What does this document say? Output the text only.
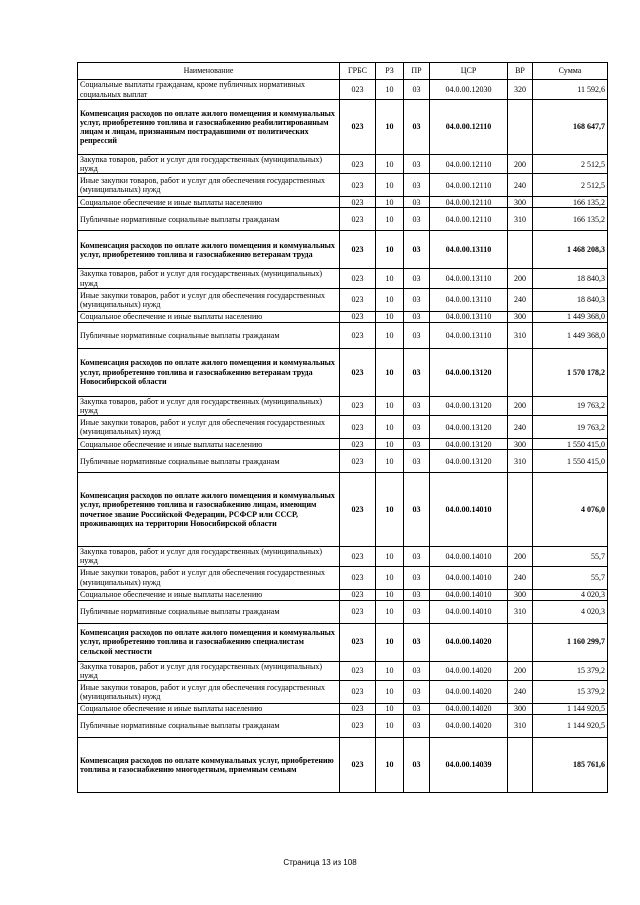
Наименование	ГРБС	РЗ	ПР	ЦСР	ВР	Сумма
Социальные выплаты гражданам, кроме публичных нормативных социальных выплат	023	10	03	04.0.00.12030	320	11 592,6
Компенсация расходов по оплате жилого помещения и коммунальных услуг, приобретению топлива и газоснабжению реабилитированным лицам и лицам, признанным пострадавшими от политических репрессий	023	10	03	04.0.00.12110		168 647,7
Закупка товаров, работ и услуг для государственных (муниципальных) нужд	023	10	03	04.0.00.12110	200	2 512,5
Иные закупки товаров, работ и услуг для обеспечения государственных (муниципальных) нужд	023	10	03	04.0.00.12110	240	2 512,5
Социальное обеспечение и иные выплаты населению	023	10	03	04.0.00.12110	300	166 135,2
Публичные нормативные социальные выплаты гражданам	023	10	03	04.0.00.12110	310	166 135,2
Компенсация расходов по оплате жилого помещения и коммунальных услуг, приобретению топлива и газоснабжению ветеранам труда	023	10	03	04.0.00.13110		1 468 208,3
Закупка товаров, работ и услуг для государственных (муниципальных) нужд	023	10	03	04.0.00.13110	200	18 840,3
Иные закупки товаров, работ и услуг для обеспечения государственных (муниципальных) нужд	023	10	03	04.0.00.13110	240	18 840,3
Социальное обеспечение и иные выплаты населению	023	10	03	04.0.00.13110	300	1 449 368,0
Публичные нормативные социальные выплаты гражданам	023	10	03	04.0.00.13110	310	1 449 368,0
Компенсация расходов по оплате жилого помещения и коммунальных услуг, приобретению топлива и газоснабжению ветеранам труда Новосибирской области	023	10	03	04.0.00.13120		1 570 178,2
Закупка товаров, работ и услуг для государственных (муниципальных) нужд	023	10	03	04.0.00.13120	200	19 763,2
Иные закупки товаров, работ и услуг для обеспечения государственных (муниципальных) нужд	023	10	03	04.0.00.13120	240	19 763,2
Социальное обеспечение и иные выплаты населению	023	10	03	04.0.00.13120	300	1 550 415,0
Публичные нормативные социальные выплаты гражданам	023	10	03	04.0.00.13120	310	1 550 415,0
Компенсация расходов по оплате жилого помещения и коммунальных услуг, приобретению топлива и газоснабжению лицам, имеющим почетное звание Российской Федерации, РСФСР или СССР, проживающих на территории Новосибирской области	023	10	03	04.0.00.14010		4 076,0
Закупка товаров, работ и услуг для государственных (муниципальных) нужд	023	10	03	04.0.00.14010	200	55,7
Иные закупки товаров, работ и услуг для обеспечения государственных (муниципальных) нужд	023	10	03	04.0.00.14010	240	55,7
Социальное обеспечение и иные выплаты населению	023	10	03	04.0.00.14010	300	4 020,3
Публичные нормативные социальные выплаты гражданам	023	10	03	04.0.00.14010	310	4 020,3
Компенсация расходов по оплате жилого помещения и коммунальных услуг, приобретению топлива и газоснабжению специалистам сельской местности	023	10	03	04.0.00.14020		1 160 299,7
Закупка товаров, работ и услуг для государственных (муниципальных) нужд	023	10	03	04.0.00.14020	200	15 379,2
Иные закупки товаров, работ и услуг для обеспечения государственных (муниципальных) нужд	023	10	03	04.0.00.14020	240	15 379,2
Социальное обеспечение и иные выплаты населению	023	10	03	04.0.00.14020	300	1 144 920,5
Публичные нормативные социальные выплаты гражданам	023	10	03	04.0.00.14020	310	1 144 920,5
Компенсация расходов по оплате коммунальных услуг, приобретению топлива и газоснабжению многодетным, приемным семьям	023	10	03	04.0.00.14039		185 761,6
Страница 13 из 108
